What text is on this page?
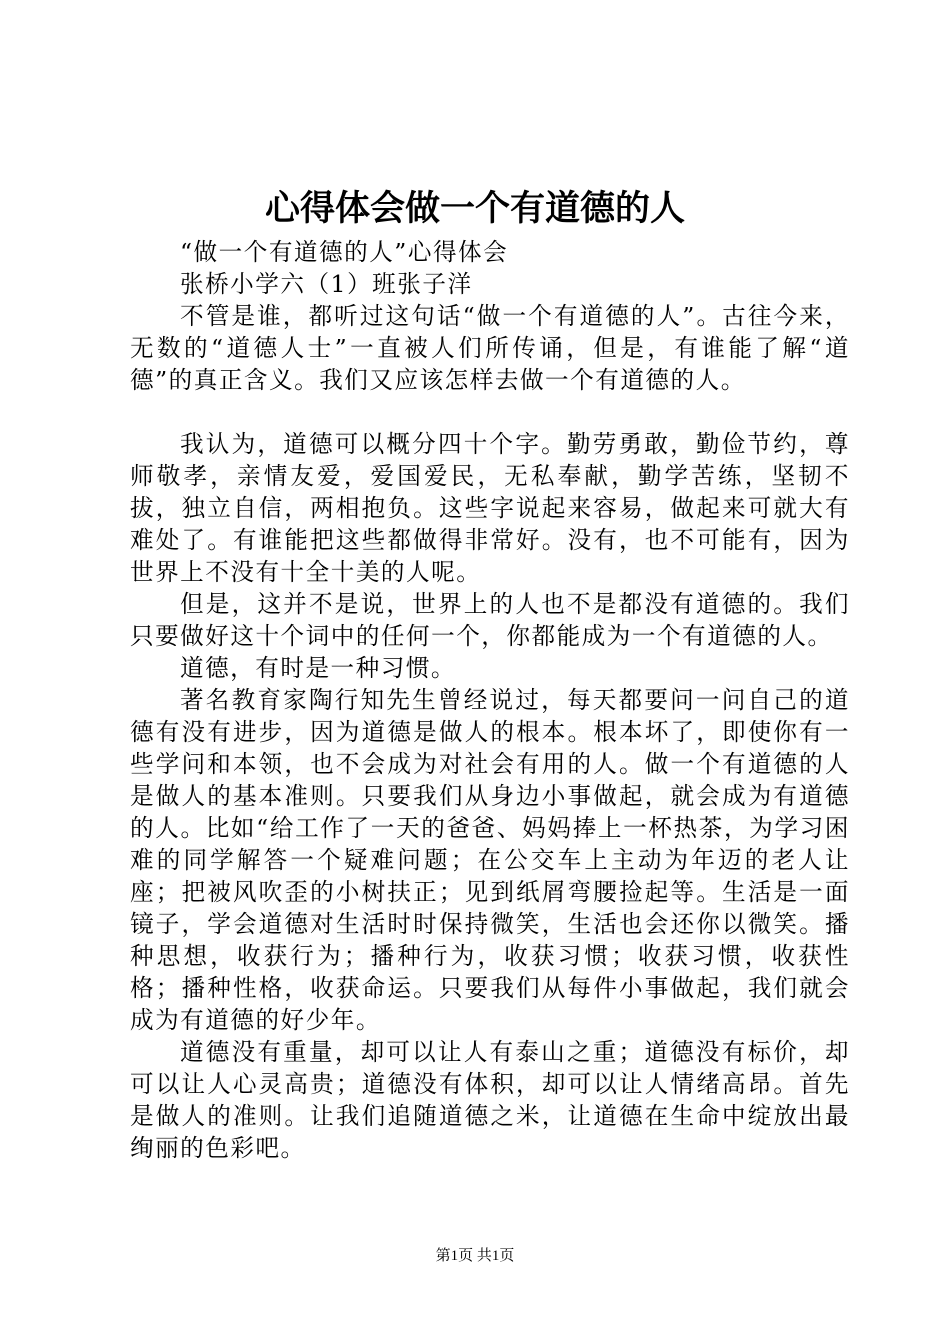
心得体会做一个有道德的人

“做一个有道德的人”心得体会

张桥小学六（1）班张子洋

不管是谁，都听过这句话“做一个有道德的人”。古往今来，无数的“道德人士”一直被人们所传诵，但是，有谁能了解“道德”的真正含义。我们又应该怎样去做一个有道德的人。

我认为，道德可以概分四十个字。勤劳勇敢，勤俭节约，尊师敬孝，亲情友爱，爱国爱民，无私奉献，勤学苦练，坚韧不拔，独立自信，两相抱负。这些字说起来容易，做起来可就大有难处了。有谁能把这些都做得非常好。没有，也不可能有，因为世界上不没有十全十美的人呢。

但是，这并不是说，世界上的人也不是都没有道德的。我们只要做好这十个词中的任何一个，你都能成为一个有道德的人。

道德，有时是一种习惯。

著名教育家陶行知先生曾经说过，每天都要问一问自己的道德有没有进步，因为道德是做人的根本。根本坏了，即使你有一些学问和本领，也不会成为对社会有用的人。做一个有道德的人是做人的基本准则。只要我们从身边小事做起，就会成为有道德的人。比如“给工作了一天的爸爸、妈妈捧上一杯热茶，为学习困难的同学解答一个疑难问题；在公交车上主动为年迈的老人让座；把被风吹歪的小树扶正；见到纸屑弯腰捡起等。生活是一面镜子，学会道德对生活时时保持微笑，生活也会还你以微笑。播种思想，收获行为；播种行为，收获习惯；收获习惯，收获性格；播种性格，收获命运。只要我们从每件小事做起，我们就会成为有道德的好少年。

道德没有重量，却可以让人有泰山之重；道德没有标价，却可以让人心灵高贵；道德没有体积，却可以让人情绪高昂。首先是做人的准则。让我们追随道德之米，让道德在生命中绽放出最绚丽的色彩吧。

第1页 共1页
